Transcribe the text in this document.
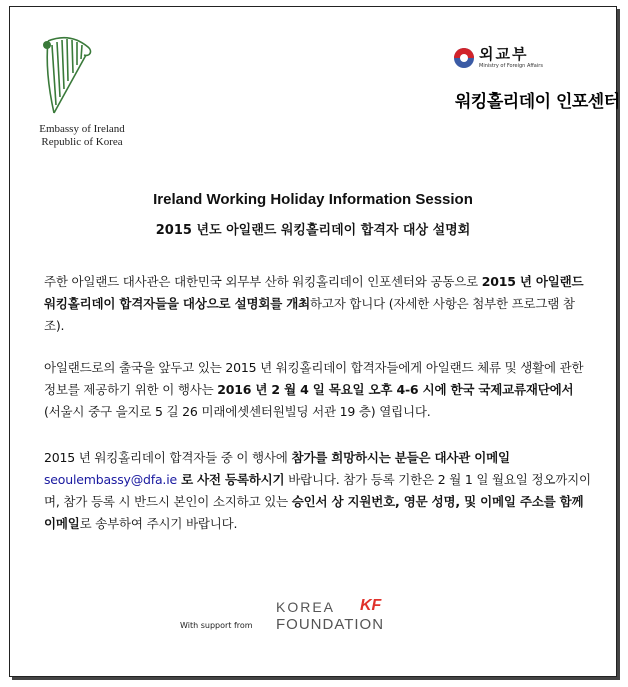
Embassy of Ireland
Republic of Korea
외교부
Ministry of Foreign Affairs
워킹홀리데이 인포센터
Ireland Working Holiday Information Session
2015 년도 아일랜드 워킹홀리데이 합격자 대상 설명회
주한 아일랜드 대사관은 대한민국 외무부 산하 워킹홀리데이 인포센터와 공동으로 2015 년 아일랜드 워킹홀리데이 합격자들을 대상으로 설명회를 개최하고자 합니다 (자세한 사항은 첨부한 프로그램 참조).
아일랜드로의 출국을 앞두고 있는 2015 년 워킹홀리데이 합격자들에게 아일랜드 체류 및 생활에 관한 정보를 제공하기 위한 이 행사는 2016 년 2 월 4 일 목요일 오후 4-6 시에 한국 국제교류재단에서 (서울시 중구 을지로 5 길 26 미래에셋센터원빌딩 서관 19 층) 열립니다.
2015 년 워킹홀리데이 합격자들 중 이 행사에 참가를 희망하시는 분들은 대사관 이메일 seoulembassy@dfa.ie 로 사전 등록하시기 바랍니다. 참가 등록 기한은 2 월 1 일 월요일 정오까지이며, 참가 등록 시 반드시 본인이 소지하고 있는 승인서 상 지원번호, 영문 성명, 및 이메일 주소를 함께 이메일로 송부하여 주시기 바랍니다.
With support from
KOREA
FOUNDATION
KF
